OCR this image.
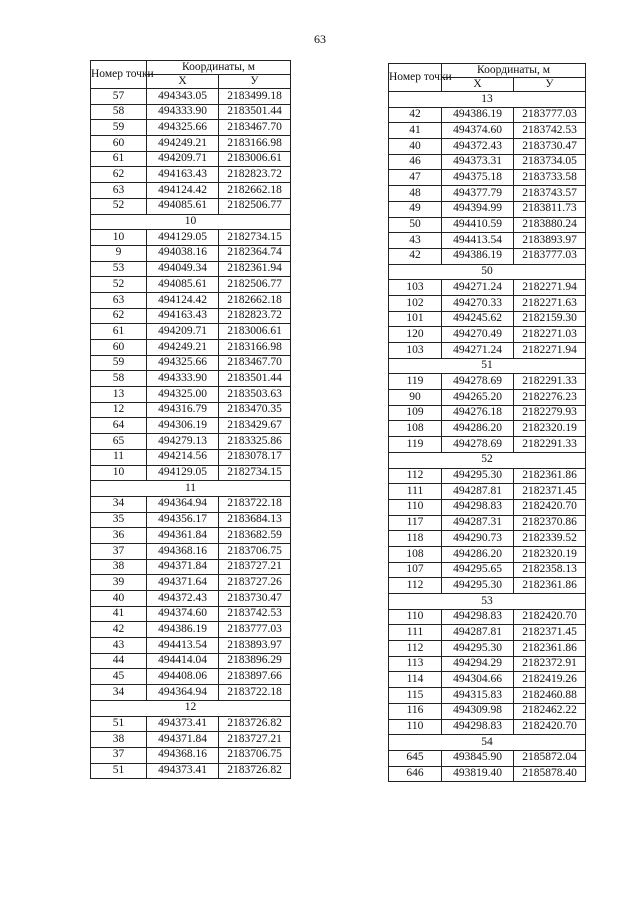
63
Номер точки	Координаты, м	
	X	У
57	494343.05	2183499.18
58	494333.90	2183501.44
59	494325.66	2183467.70
60	494249.21	2183166.98
61	494209.71	2183006.61
62	494163.43	2182823.72
63	494124.42	2182662.18
52	494085.61	2182506.77
10		
10	494129.05	2182734.15
9	494038.16	2182364.74
53	494049.34	2182361.94
52	494085.61	2182506.77
63	494124.42	2182662.18
62	494163.43	2182823.72
61	494209.71	2183006.61
60	494249.21	2183166.98
59	494325.66	2183467.70
58	494333.90	2183501.44
13	494325.00	2183503.63
12	494316.79	2183470.35
64	494306.19	2183429.67
65	494279.13	2183325.86
11	494214.56	2183078.17
10	494129.05	2182734.15
11		
34	494364.94	2183722.18
35	494356.17	2183684.13
36	494361.84	2183682.59
37	494368.16	2183706.75
38	494371.84	2183727.21
39	494371.64	2183727.26
40	494372.43	2183730.47
41	494374.60	2183742.53
42	494386.19	2183777.03
43	494413.54	2183893.97
44	494414.04	2183896.29
45	494408.06	2183897.66
34	494364.94	2183722.18
12		
51	494373.41	2183726.82
38	494371.84	2183727.21
37	494368.16	2183706.75
51	494373.41	2183726.82
Номер точки	Координаты, м	
	X	У
13		
42	494386.19	2183777.03
41	494374.60	2183742.53
40	494372.43	2183730.47
46	494373.31	2183734.05
47	494375.18	2183733.58
48	494377.79	2183743.57
49	494394.99	2183811.73
50	494410.59	2183880.24
43	494413.54	2183893.97
42	494386.19	2183777.03
50		
103	494271.24	2182271.94
102	494270.33	2182271.63
101	494245.62	2182159.30
120	494270.49	2182271.03
103	494271.24	2182271.94
51		
119	494278.69	2182291.33
90	494265.20	2182276.23
109	494276.18	2182279.93
108	494286.20	2182320.19
119	494278.69	2182291.33
52		
112	494295.30	2182361.86
111	494287.81	2182371.45
110	494298.83	2182420.70
117	494287.31	2182370.86
118	494290.73	2182339.52
108	494286.20	2182320.19
107	494295.65	2182358.13
112	494295.30	2182361.86
53		
110	494298.83	2182420.70
111	494287.81	2182371.45
112	494295.30	2182361.86
113	494294.29	2182372.91
114	494304.66	2182419.26
115	494315.83	2182460.88
116	494309.98	2182462.22
110	494298.83	2182420.70
54		
645	493845.90	2185872.04
646	493819.40	2185878.40
